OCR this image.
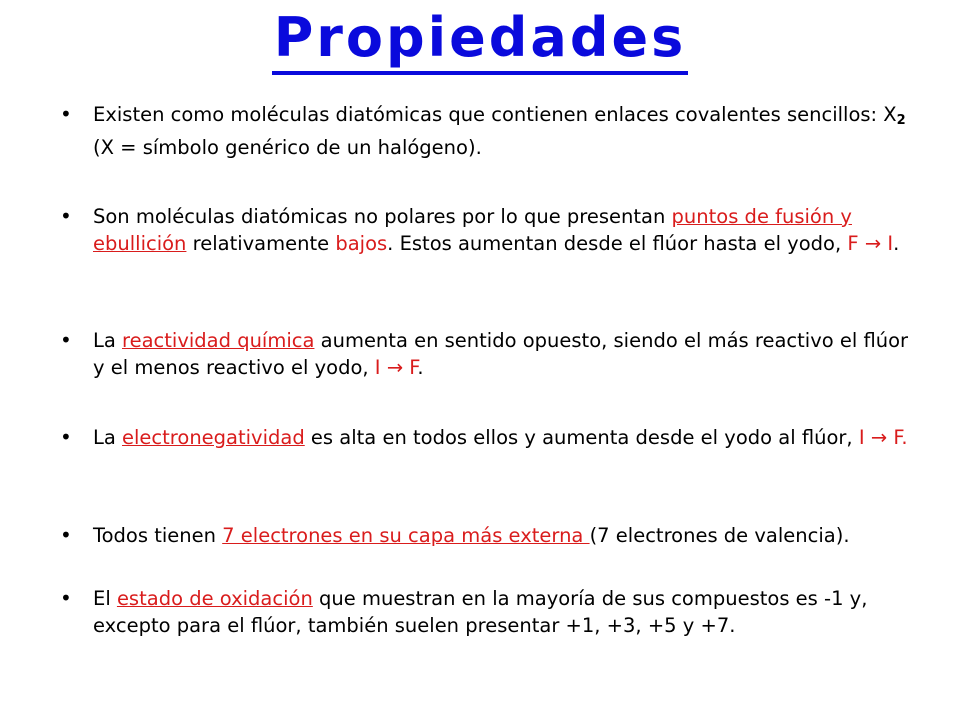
Propiedades
•	Existen como moléculas diatómicas que contienen enlaces covalentes sencillos: $X_2$ (X = símbolo genérico de un halógeno).
•	Son moléculas diatómicas no polares por lo que presentan puntos de fusión y ebullición relativamente bajos. Estos aumentan desde el flúor hasta el yodo, F → I.
•	La reactividad química aumenta en sentido opuesto, siendo el más reactivo el flúor y el menos reactivo el yodo, I → F.
•	La electronegatividad es alta en todos ellos y aumenta desde el yodo al flúor, I → F.
•	Todos tienen 7 electrones en su capa más externa (7 electrones de valencia).
•	El estado de oxidación que muestran en la mayoría de sus compuestos es -1 y, excepto para el flúor, también suelen presentar +1, +3, +5 y +7.
